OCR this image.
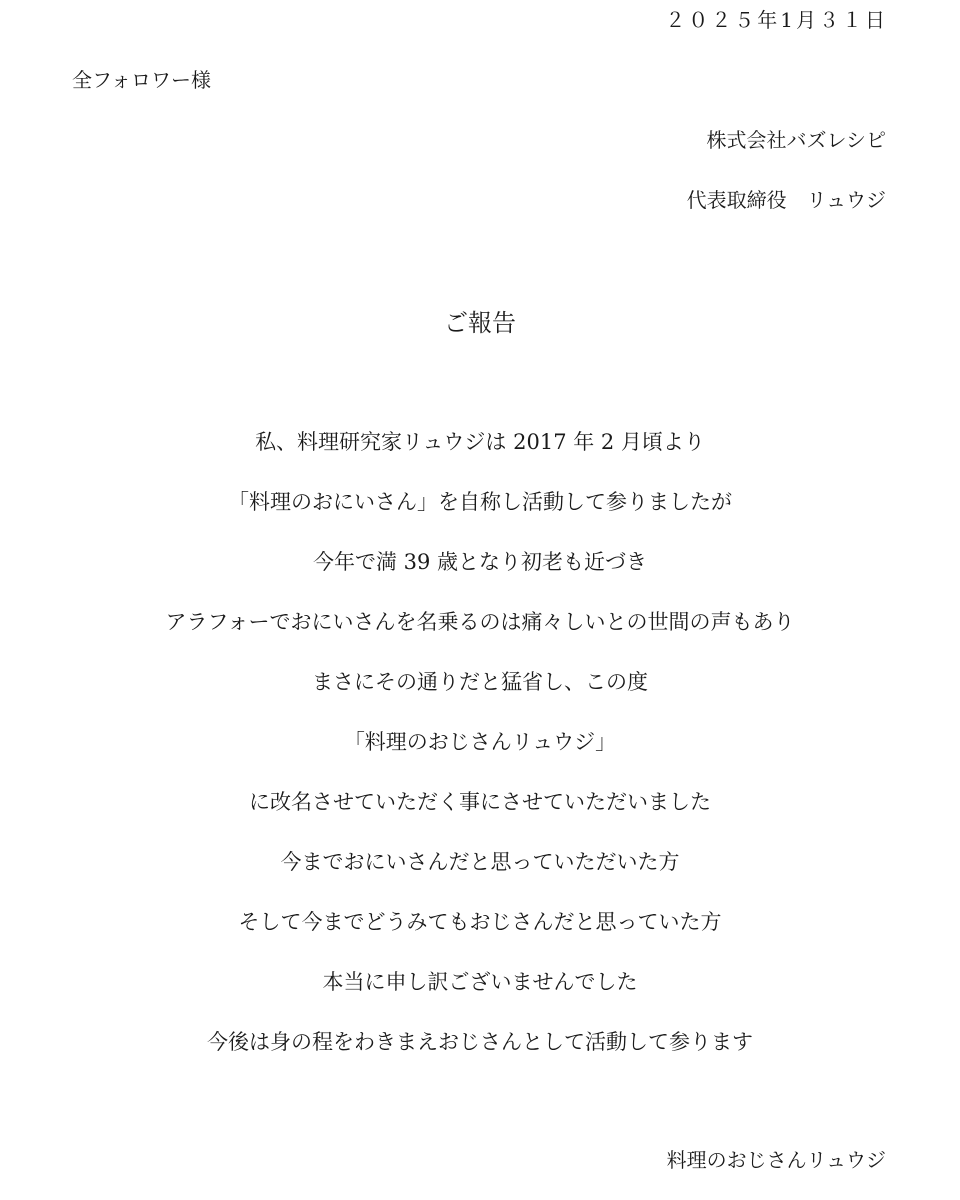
２０２５年1月３１日
全フォロワー様
株式会社バズレシピ
代表取締役　リュウジ
ご報告
私、料理研究家リュウジは 2017 年 2 月頃より
「料理のおにいさん」を自称し活動して参りましたが
今年で満 39 歳となり初老も近づき
アラフォーでおにいさんを名乗るのは痛々しいとの世間の声もあり
まさにその通りだと猛省し、この度
「料理のおじさんリュウジ」
に改名させていただく事にさせていただいました
今までおにいさんだと思っていただいた方
そして今までどうみてもおじさんだと思っていた方
本当に申し訳ございませんでした
今後は身の程をわきまえおじさんとして活動して参ります
料理のおじさんリュウジ
